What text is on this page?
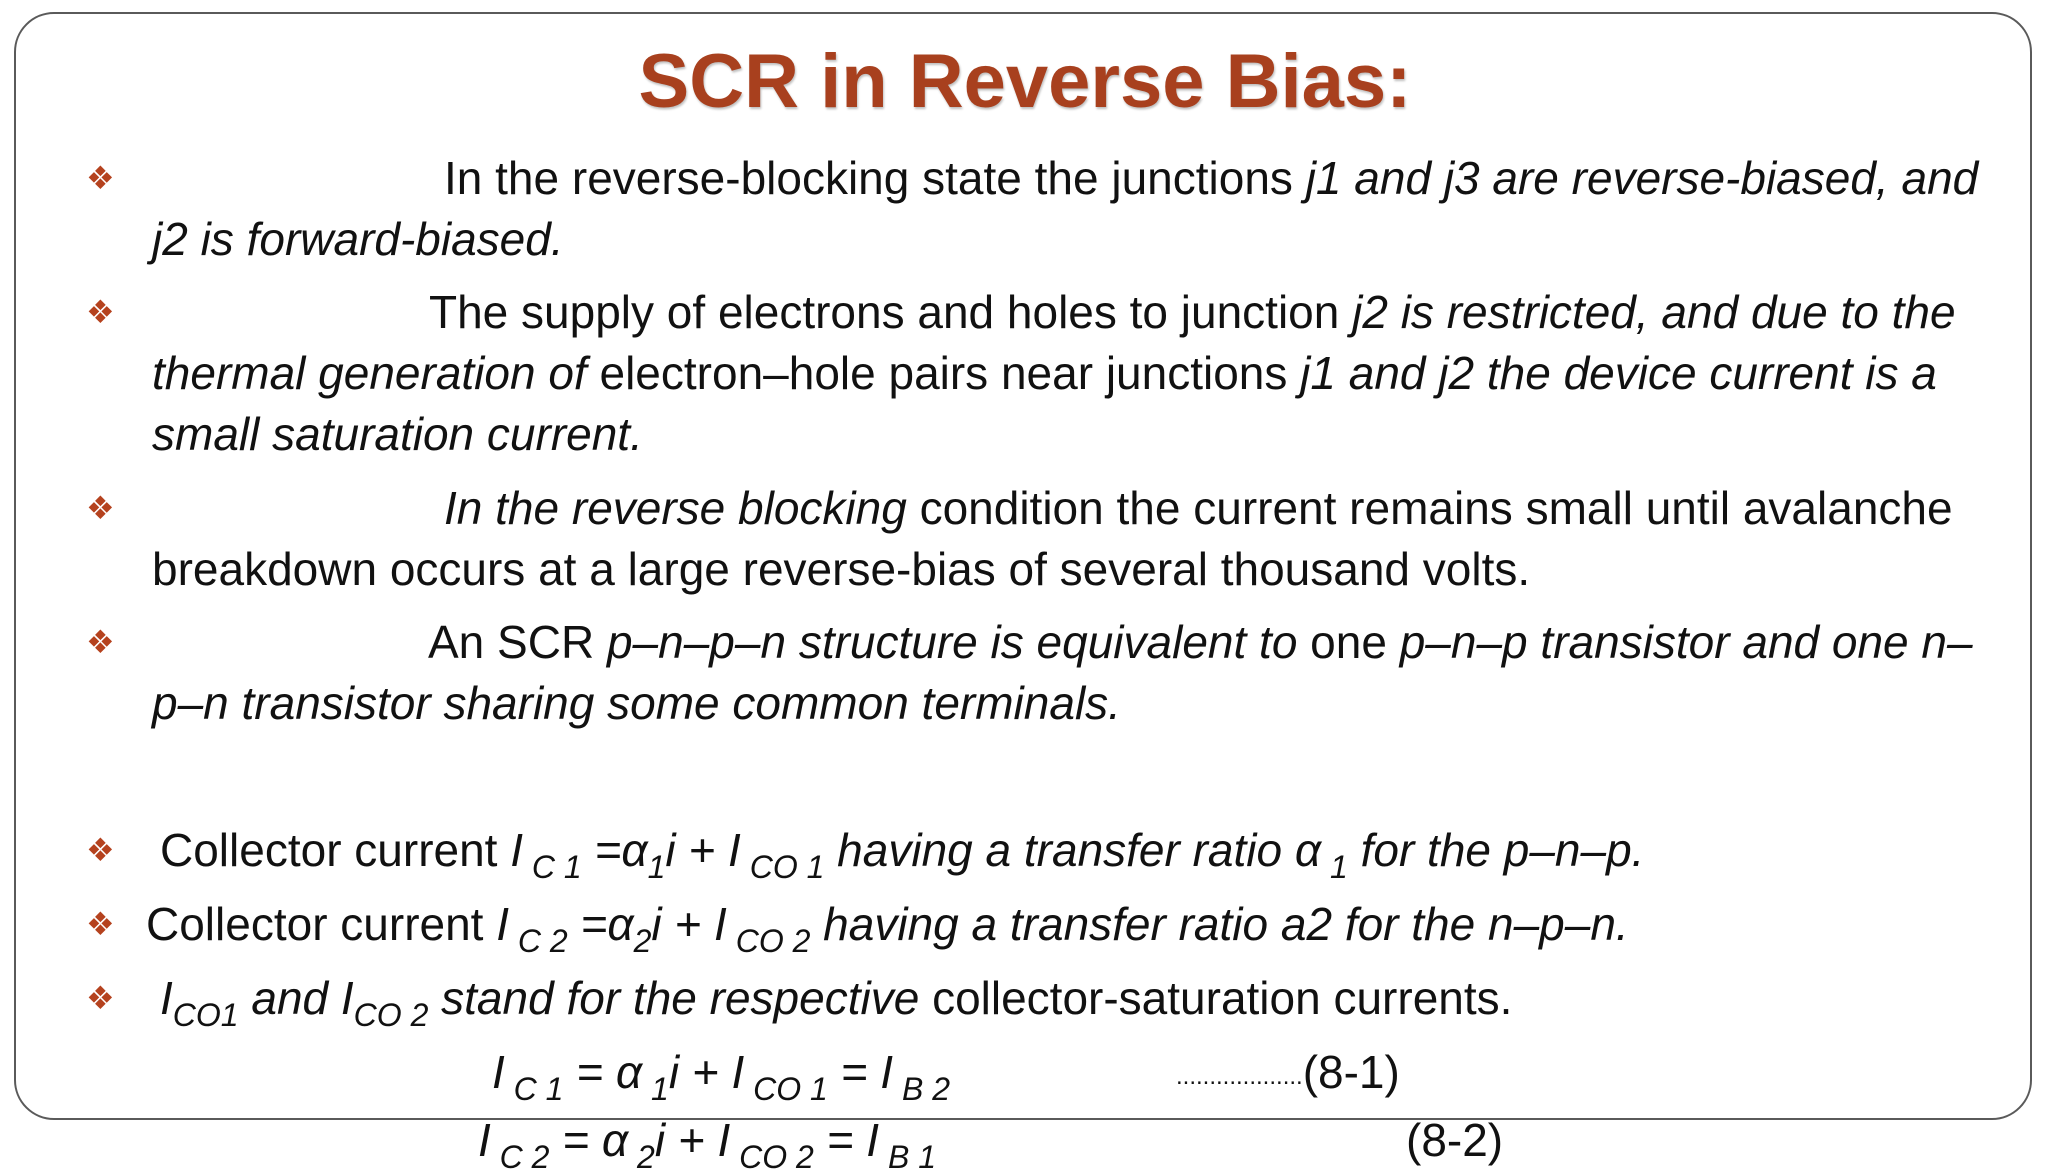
SCR in Reverse Bias:
❖	In the reverse-blocking state the junctions j1 and j3 are reverse-biased, and j2 is forward-biased.
❖	The supply of electrons and holes to junction j2 is restricted, and due to the thermal generation of electron–hole pairs near junctions j1 and j2 the device current is a small saturation current.
❖	In the reverse blocking condition the current remains small until avalanche breakdown occurs at a large reverse-bias of several thousand volts.
❖	An SCR p–n–p–n structure is equivalent to one p–n–p transistor and one n–p–n transistor sharing some common terminals.
❖ Collector current I $_{C 1} =\alpha_1i + I$ $_{CO 1}$ having a transfer ratio α $_1$ for the p–n–p.
❖ Collector current I $_{C 2} =\alpha_2i + I$ $_{CO 2}$ having a transfer ratio a2 for the n–p–n.
❖ $I_{CO1}$ and $I_{CO 2}$ stand for the respective collector-saturation currents.
I $_{C 1}$ = α $_1$i + I $_{CO 1}$ = I $_{B 2}$	...................(8-1)
I $_{C 2}$ = α $_2$i + I $_{CO 2}$ = I $_{B 1}$	(8-2)
